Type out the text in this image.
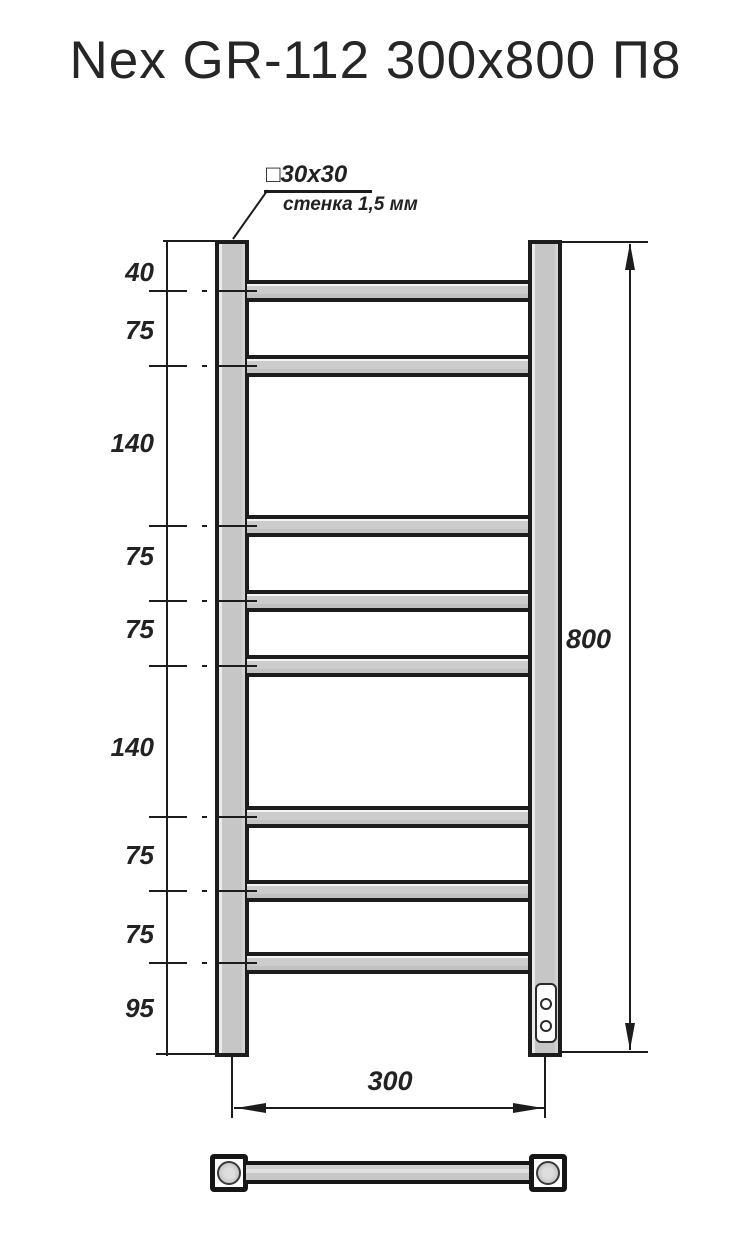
Nex GR-112 300x800 П8
□30x30
стенка 1,5 мм
40
75
140
75
75
140
75
75
95
800
300
